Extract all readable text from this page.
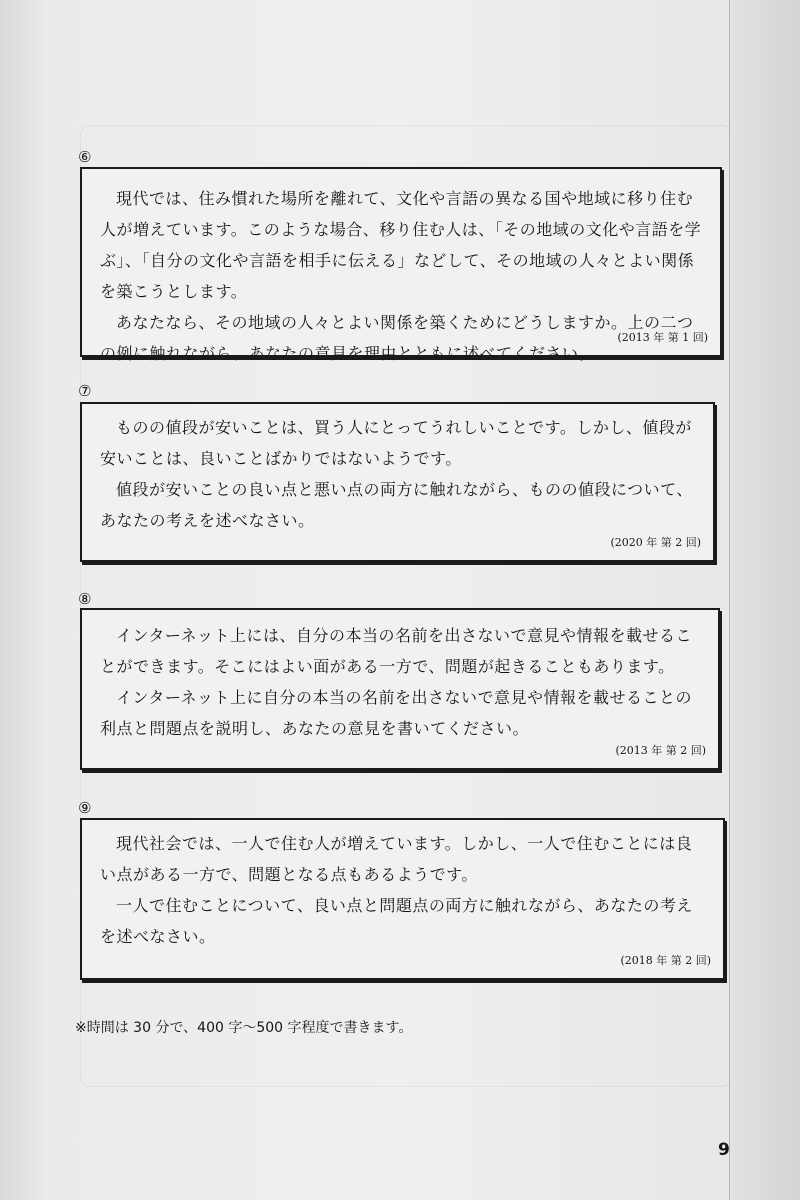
⑥

現代では、住み慣れた場所を離れて、文化や言語の異なる国や地域に移り住む人が増えています。このような場合、移り住む人は、「その地域の文化や言語を学ぶ」、「自分の文化や言語を相手に伝える」などして、その地域の人々とよい関係を築こうとします。

あなたなら、その地域の人々とよい関係を築くためにどうしますか。上の二つの例に触れながら、あなたの意見を理由とともに述べてください。

(2013 年 第 1 回)
⑦

ものの値段が安いことは、買う人にとってうれしいことです。しかし、値段が安いことは、良いことばかりではないようです。

値段が安いことの良い点と悪い点の両方に触れながら、ものの値段について、あなたの考えを述べなさい。

(2020 年 第 2 回)
⑧

インターネット上には、自分の本当の名前を出さないで意見や情報を載せることができます。そこにはよい面がある一方で、問題が起きることもあります。

インターネット上に自分の本当の名前を出さないで意見や情報を載せることの利点と問題点を説明し、あなたの意見を書いてください。

(2013 年 第 2 回)
⑨

現代社会では、一人で住む人が増えています。しかし、一人で住むことには良い点がある一方で、問題となる点もあるようです。

一人で住むことについて、良い点と問題点の両方に触れながら、あなたの考えを述べなさい。

(2018 年 第 2 回)
※時間は 30 分で、400 字～500 字程度で書きます。
9
